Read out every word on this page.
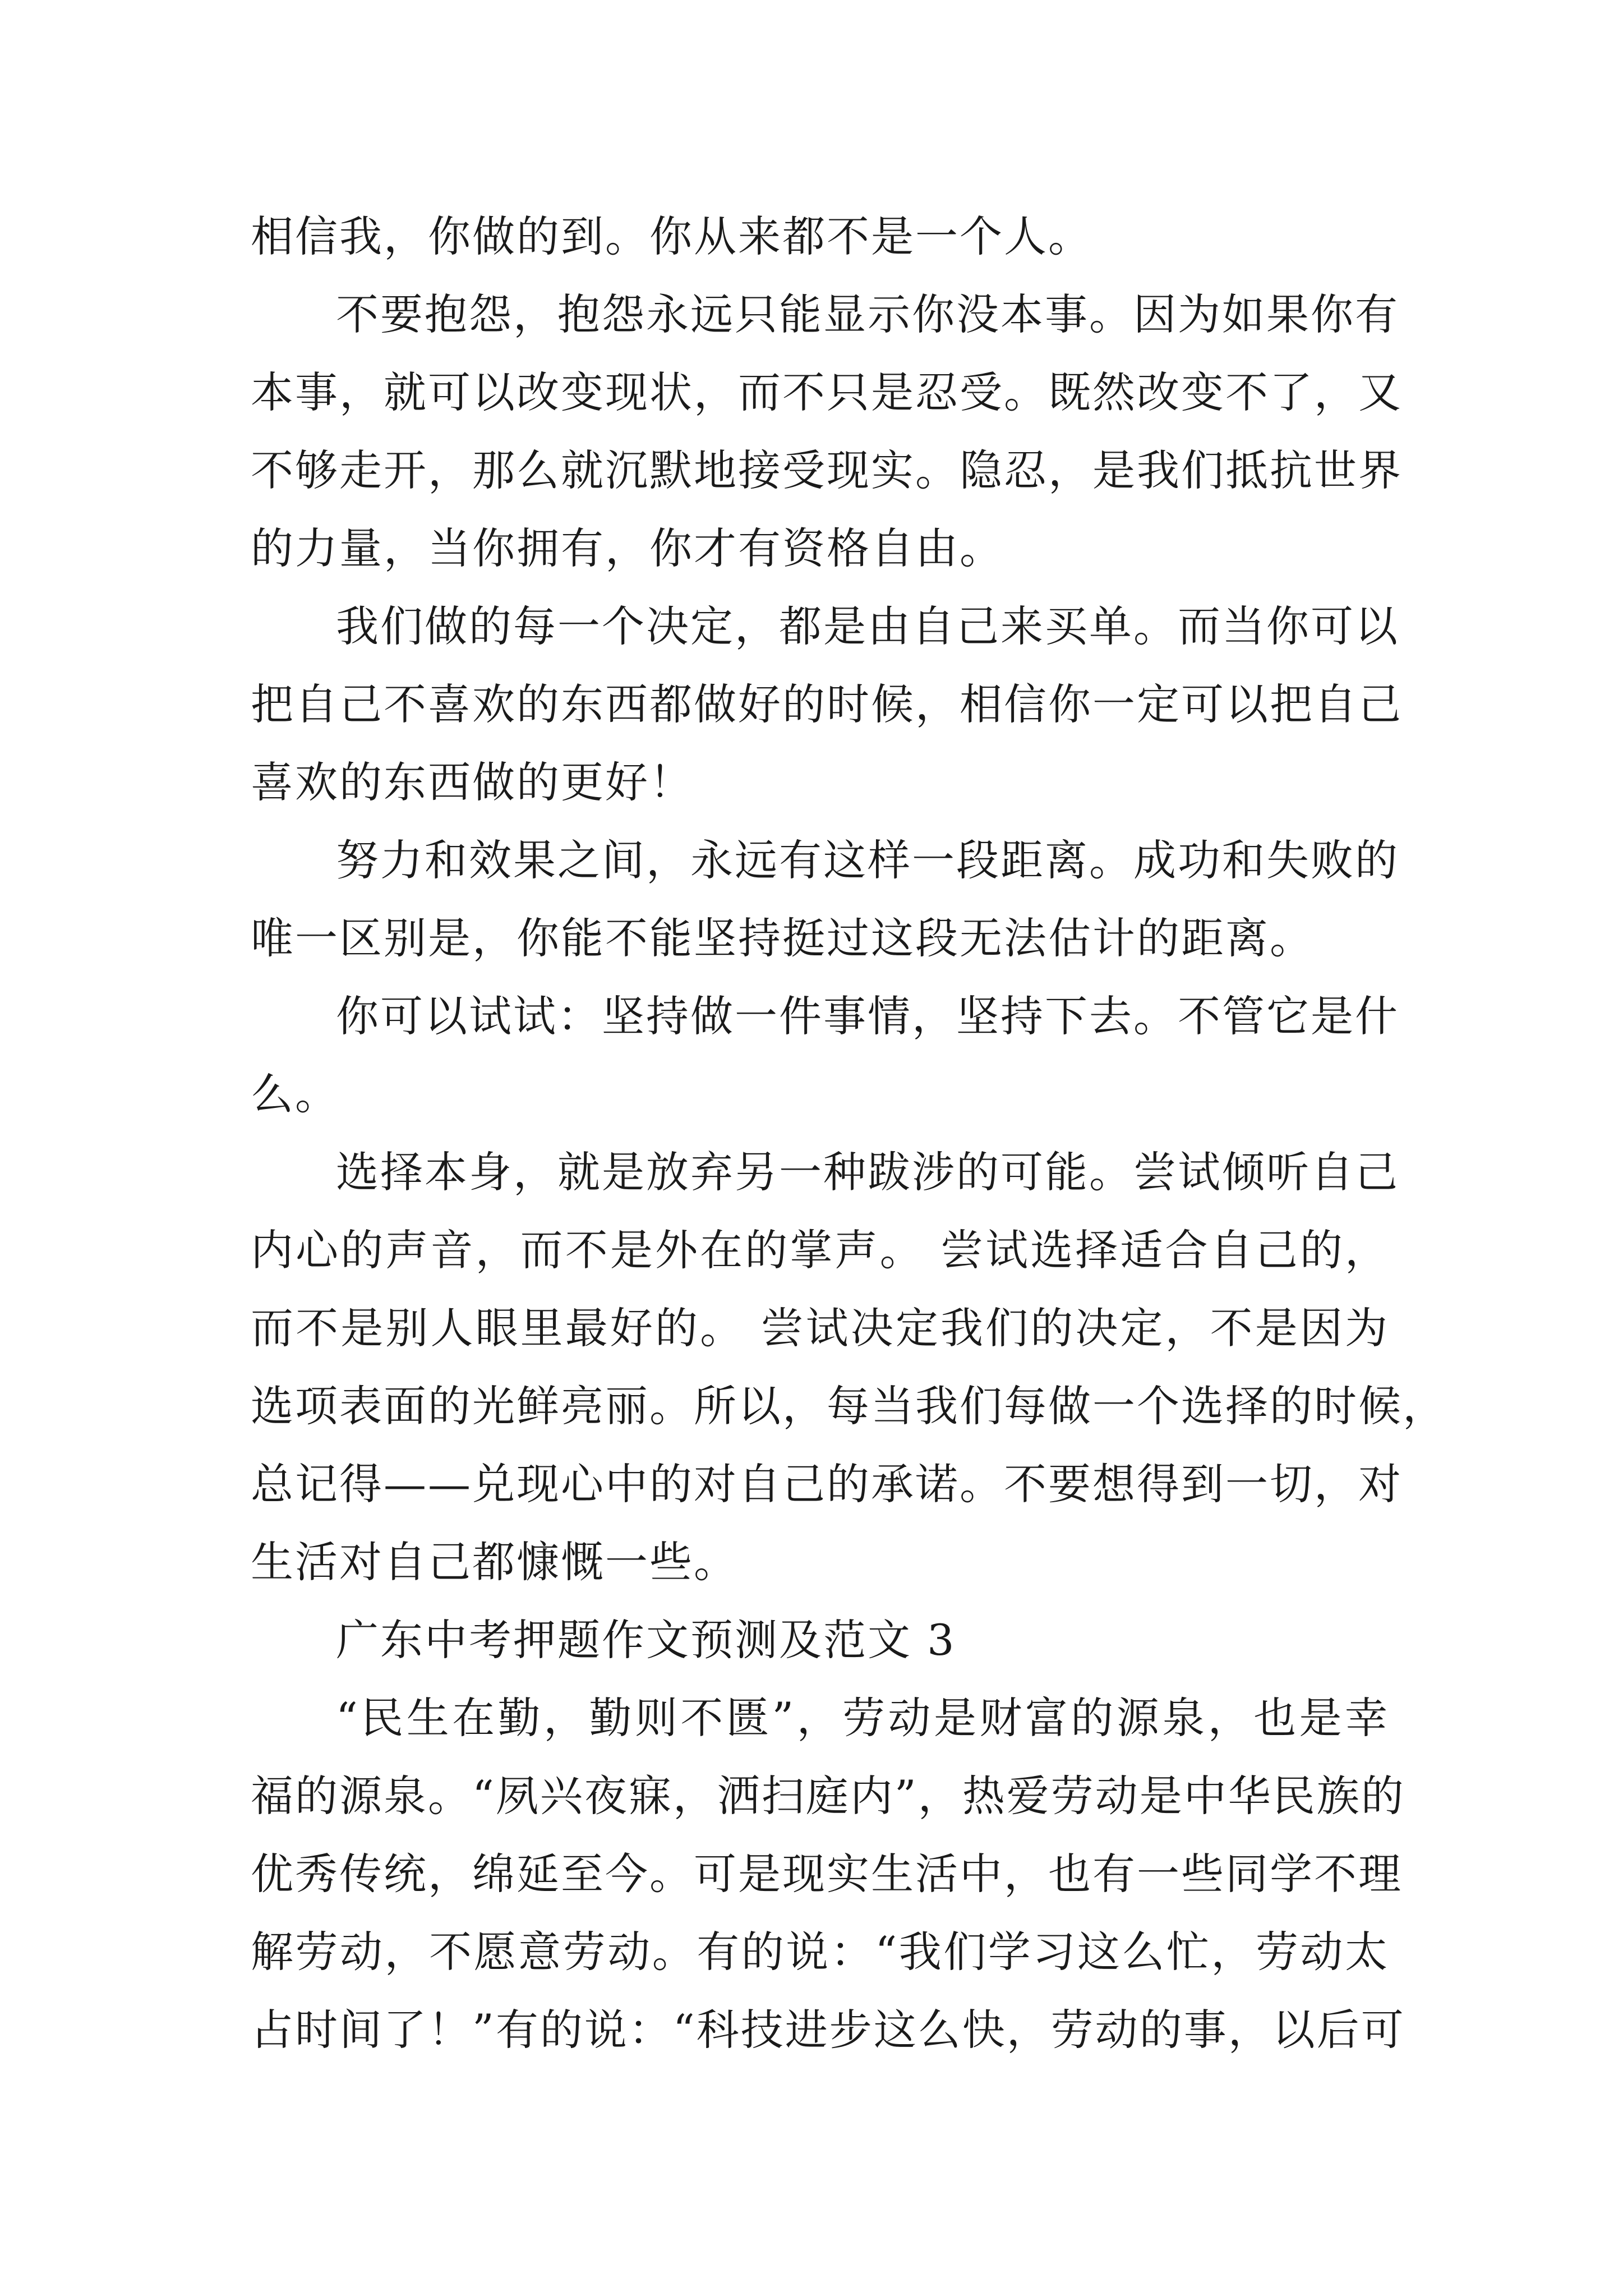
相信我，你做的到。你从来都不是一个人。
不要抱怨，抱怨永远只能显示你没本事。因为如果你有
本事，就可以改变现状，而不只是忍受。既然改变不了，又
不够走开，那么就沉默地接受现实。隐忍，是我们抵抗世界
的力量，当你拥有，你才有资格自由。
我们做的每一个决定，都是由自己来买单。而当你可以
把自己不喜欢的东西都做好的时候，相信你一定可以把自己
喜欢的东西做的更好！
努力和效果之间，永远有这样一段距离。成功和失败的
唯一区别是，你能不能坚持挺过这段无法估计的距离。
你可以试试：坚持做一件事情，坚持下去。不管它是什
么。
选择本身，就是放弃另一种跋涉的可能。尝试倾听自己
内心的声音，而不是外在的掌声。 尝试选择适合自己的，
而不是别人眼里最好的。 尝试决定我们的决定，不是因为
选项表面的光鲜亮丽。所以，每当我们每做一个选择的时候，
总记得——兑现心中的对自己的承诺。不要想得到一切，对
生活对自己都慷慨一些。
广东中考押题作文预测及范文 3
“民生在勤，勤则不匮”，劳动是财富的源泉，也是幸
福的源泉。“夙兴夜寐，洒扫庭内”，热爱劳动是中华民族的
优秀传统，绵延至今。可是现实生活中，也有一些同学不理
解劳动，不愿意劳动。有的说：“我们学习这么忙，劳动太
占时间了！”有的说：“科技进步这么快，劳动的事，以后可
